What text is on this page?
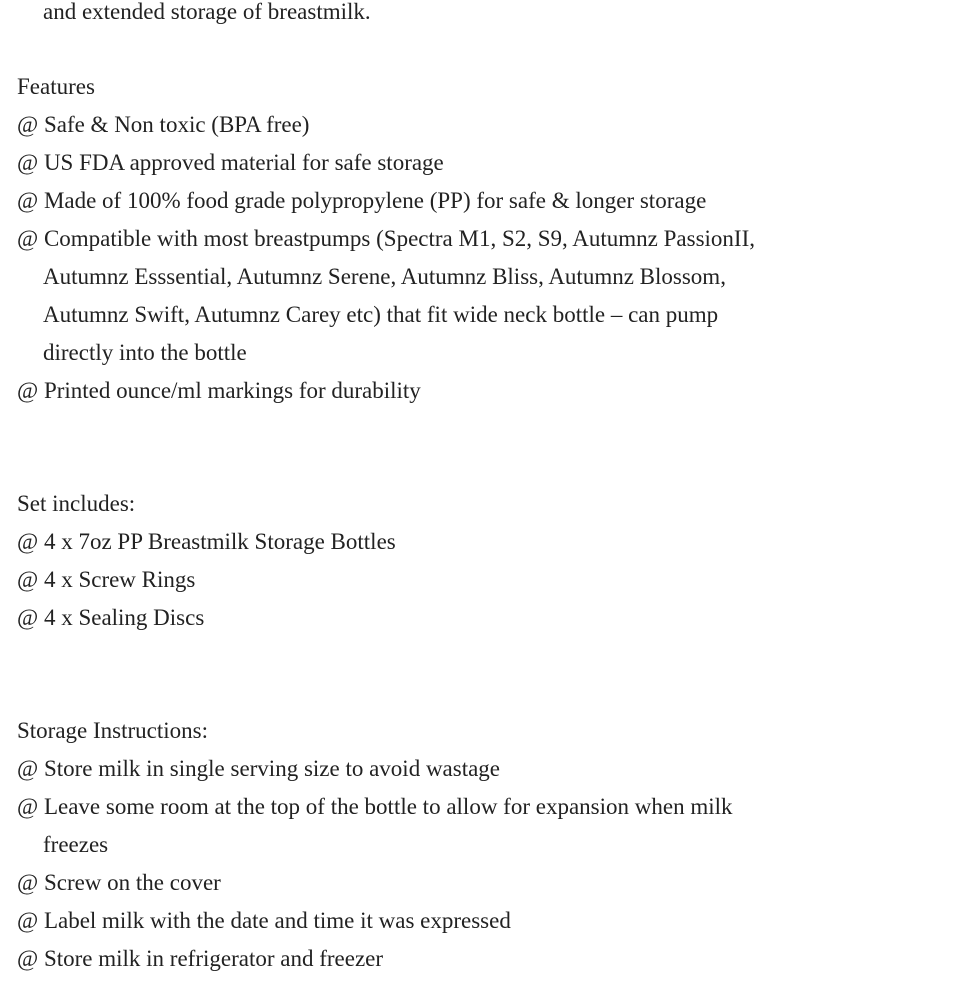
and extended storage of breastmilk.
Features
@ Safe & Non toxic (BPA free)
@ US FDA approved material for safe storage
@ Made of 100% food grade polypropylene (PP) for safe & longer storage
@ Compatible with most breastpumps (Spectra M1, S2, S9, Autumnz PassionII,
Autumnz Esssential, Autumnz Serene, Autumnz Bliss, Autumnz Blossom,
Autumnz Swift, Autumnz Carey etc) that fit wide neck bottle – can pump
directly into the bottle
@ Printed ounce/ml markings for durability
Set includes:
@ 4 x 7oz PP Breastmilk Storage Bottles
@ 4 x Screw Rings
@ 4 x Sealing Discs
Storage Instructions:
@ Store milk in single serving size to avoid wastage
@ Leave some room at the top of the bottle to allow for expansion when milk
freezes
@ Screw on the cover
@ Label milk with the date and time it was expressed
@ Store milk in refrigerator and freezer
